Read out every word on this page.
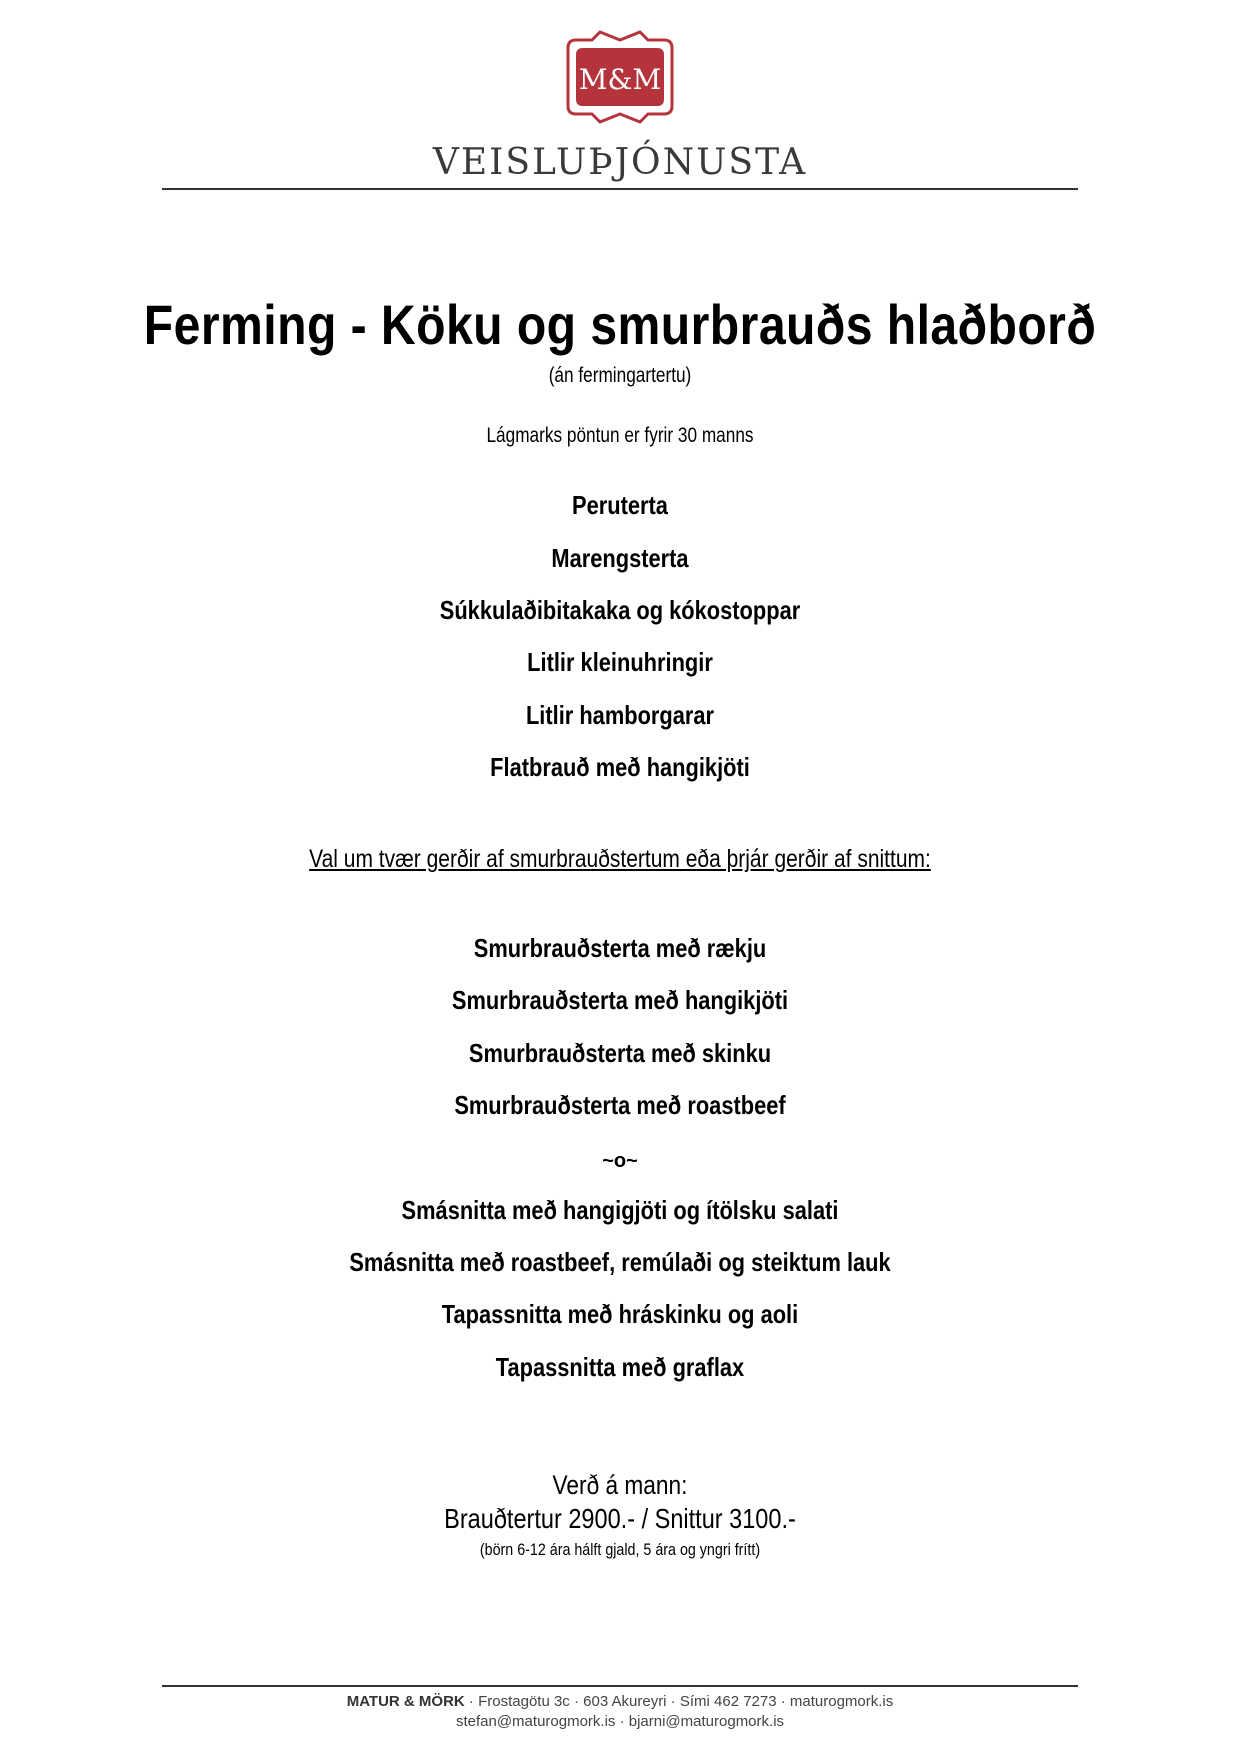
M&M
VEISLUÞJÓNUSTA
Ferming - Köku og smurbrauðs hlaðborð
(án fermingartertu)
Lágmarks pöntun er fyrir 30 manns
Peruterta
Marengsterta
Súkkulaðibitakaka og kókostoppar
Litlir kleinuhringir
Litlir hamborgarar
Flatbrauð með hangikjöti
Val um tvær gerðir af smurbrauðstertum eða þrjár gerðir af snittum:
Smurbrauðsterta með rækju
Smurbrauðsterta með hangikjöti
Smurbrauðsterta með skinku
Smurbrauðsterta með roastbeef
~o~
Smásnitta með hangigjöti og ítölsku salati
Smásnitta með roastbeef, remúlaði og steiktum lauk
Tapassnitta með hráskinku og aoli
Tapassnitta með graflax
Verð á mann:
Brauðtertur 2900.- / Snittur 3100.-
(börn 6-12 ára hálft gjald, 5 ára og yngri frítt)
MATUR & MÖRK · Frostagötu 3c · 603 Akureyri · Sími 462 7273 · maturogmork.is
stefan@maturogmork.is · bjarni@maturogmork.is
